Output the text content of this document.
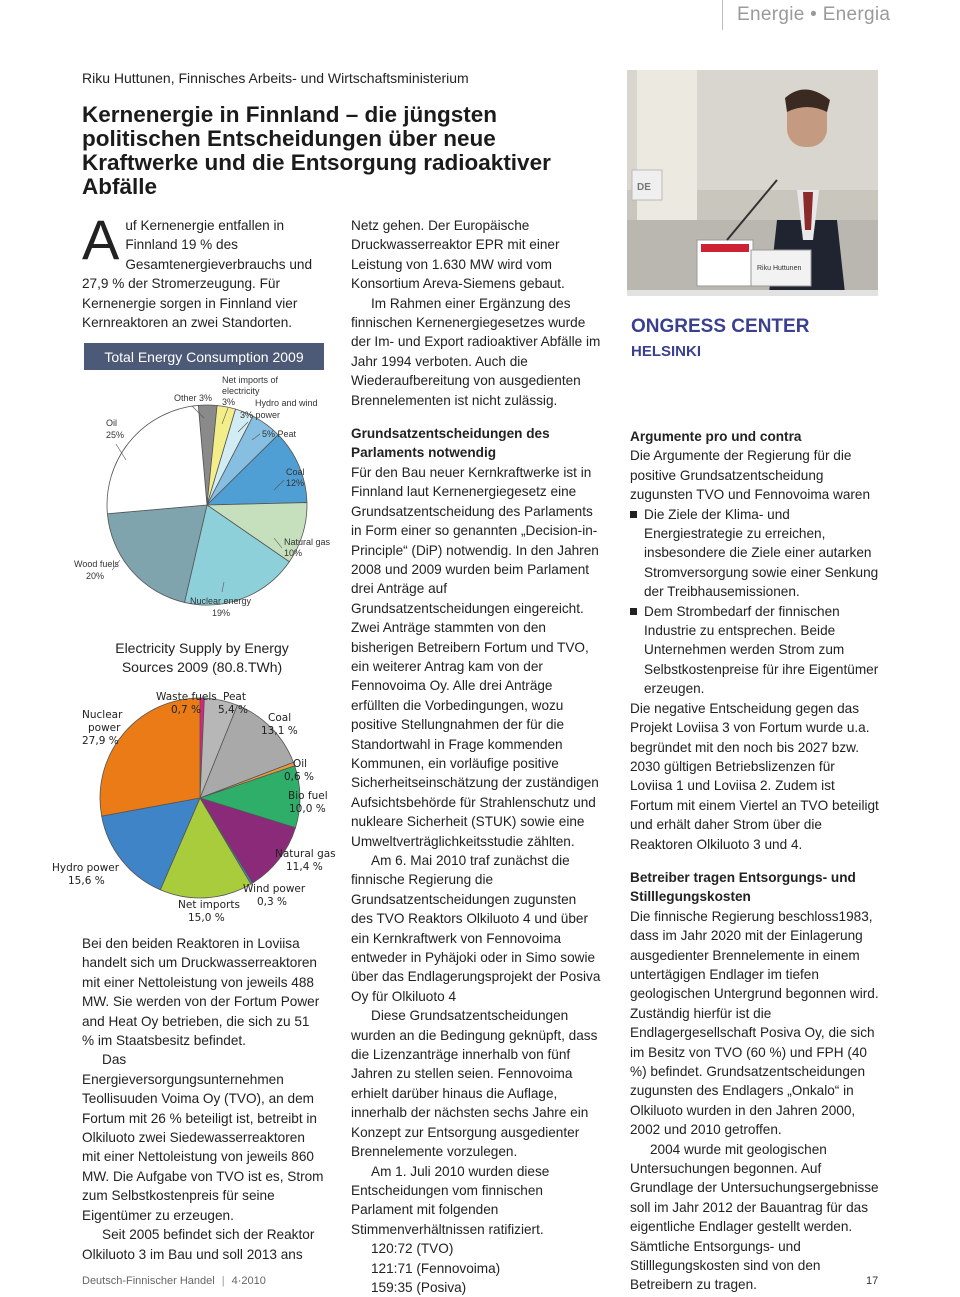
Energie • Energia
Riku Huttunen, Finnisches Arbeits- und Wirtschaftsministerium
Kernenergie in Finnland – die jüngsten politischen Entscheidungen über neue Kraftwerke und die Entsorgung radioaktiver Abfälle
ONGRESS CENTER
HELSINKI
Riku Huttunen
DE

Auf Kernenergie entfallen in Finnland 19 % des Gesamtenergieverbrauchs und 27,9 % der Stromerzeugung. Für Kernenergie sorgen in Finnland vier Kernreaktoren an zwei Standorten.

Total Energy Consumption 2009
Other 3%
Net imports of
electricity
3% Hydro and wind
3% power
5% Peat
Coal
12%
Natural gas
10%
Nuclear energy
19%
Wood fuels
20%
Oil
25%
Electricity Supply by Energy
Sources 2009 (80.8.TWh)
Waste fuels
0,7 %
Peat
5,4 %
Coal
13,1 %
Oil
0,6 %
Bio fuel
10,0 %
Natural gas
11,4 %
Wind power
0,3 %
Net imports
15,0 %
Hydro power
15,6 %
Nuclear
power
27,9 %

Bei den beiden Reaktoren in Loviisa handelt sich um Druckwasserreaktoren mit einer Nettoleistung von jeweils 488 MW. Sie werden von der Fortum Power and Heat Oy betrieben, die sich zu 51 % im Staatsbesitz befindet.

Das Energieversorgungsunternehmen Teollisuuden Voima Oy (TVO), an dem Fortum mit 26 % beteiligt ist, betreibt in Olkiluoto zwei Siedewasserreaktoren mit einer Nettoleistung von jeweils 860 MW. Die Aufgabe von TVO ist es, Strom zum Selbstkostenpreis für seine Eigentümer zu erzeugen.

Seit 2005 befindet sich der Reaktor Olkiluoto 3 im Bau und soll 2013 ans

Netz gehen. Der Europäische Druckwasserreaktor EPR mit einer Leistung von 1.630 MW wird vom Konsortium Areva-Siemens gebaut.

Im Rahmen einer Ergänzung des finnischen Kernenergiegesetzes wurde der Im- und Export radioaktiver Abfälle im Jahr 1994 verboten. Auch die Wiederaufbereitung von ausgedienten Brennelementen ist nicht zulässig.

Grundsatzentscheidungen des Parlaments notwendig

Für den Bau neuer Kernkraftwerke ist in Finnland laut Kernenergiegesetz eine Grundsatzentscheidung des Parlaments in Form einer so genannten „Decision-in-Principle“ (DiP) notwendig. In den Jahren 2008 und 2009 wurden beim Parlament drei Anträge auf Grundsatzentscheidungen eingereicht. Zwei Anträge stammten von den bisherigen Betreibern Fortum und TVO, ein weiterer Antrag kam von der Fennovoima Oy. Alle drei Anträge erfüllten die Vorbedingungen, wozu positive Stellungnahmen der für die Standortwahl in Frage kommenden Kommunen, ein vorläufige positive Sicherheitseinschätzung der zuständigen Aufsichtsbehörde für Strahlenschutz und nukleare Sicherheit (STUK) sowie eine Umweltverträglichkeitsstudie zählten.

Am 6. Mai 2010 traf zunächst die finnische Regierung die Grundsatzentscheidungen zugunsten des TVO Reaktors Olkiluoto 4 und über ein Kernkraftwerk von Fennovoima entweder in Pyhäjoki oder in Simo sowie über das Endlagerungsprojekt der Posiva Oy für Olkiluoto 4

Diese Grundsatzentscheidungen wurden an die Bedingung geknüpft, dass die Lizenzanträge innerhalb von fünf Jahren zu stellen seien. Fennovoima erhielt darüber hinaus die Auflage, innerhalb der nächsten sechs Jahre ein Konzept zur Entsorgung ausgedienter Brennelemente vorzulegen.

Am 1. Juli 2010 wurden diese Entscheidungen vom finnischen Parlament mit folgenden Stimmenverhältnissen ratifiziert.

120:72 (TVO)

121:71 (Fennovoima)

159:35 (Posiva)

Argumente pro und contra

Die Argumente der Regierung für die positive Grundsatzentscheidung zugunsten TVO und Fennovoima waren

Die Ziele der Klima- und Energiestrategie zu erreichen, insbesondere die Ziele einer autarken Stromversorgung sowie einer Senkung der Treibhausemissionen.
Dem Strombedarf der finnischen Industrie zu entsprechen. Beide Unternehmen werden Strom zum Selbstkostenpreise für ihre Eigentümer erzeugen.

Die negative Entscheidung gegen das Projekt Loviisa 3 von Fortum wurde u.a. begründet mit den noch bis 2027 bzw. 2030 gültigen Betriebslizenzen für Loviisa 1 und Loviisa 2. Zudem ist Fortum mit einem Viertel an TVO beteiligt und erhält daher Strom über die Reaktoren Olkiluoto 3 und 4.

Betreiber tragen Entsorgungs- und Stilllegungskosten

Die finnische Regierung beschloss1983, dass im Jahr 2020 mit der Einlagerung ausgedienter Brennelemente in einem untertägigen Endlager im tiefen geologischen Untergrund begonnen wird. Zuständig hierfür ist die Endlagergesellschaft Posiva Oy, die sich im Besitz von TVO (60 %) und FPH (40 %) befindet. Grundsatzentscheidungen zugunsten des Endlagers „Onkalo“ in Olkiluoto wurden in den Jahren 2000, 2002 und 2010 getroffen.

2004 wurde mit geologischen Untersuchungen begonnen. Auf Grundlage der Untersuchungsergebnisse soll im Jahr 2012 der Bauantrag für das eigentliche Endlager gestellt werden. Sämtliche Entsorgungs- und Stilllegungskosten sind von den Betreibern zu tragen.

Deutsch-Finnischer Handel | 4·2010	17
